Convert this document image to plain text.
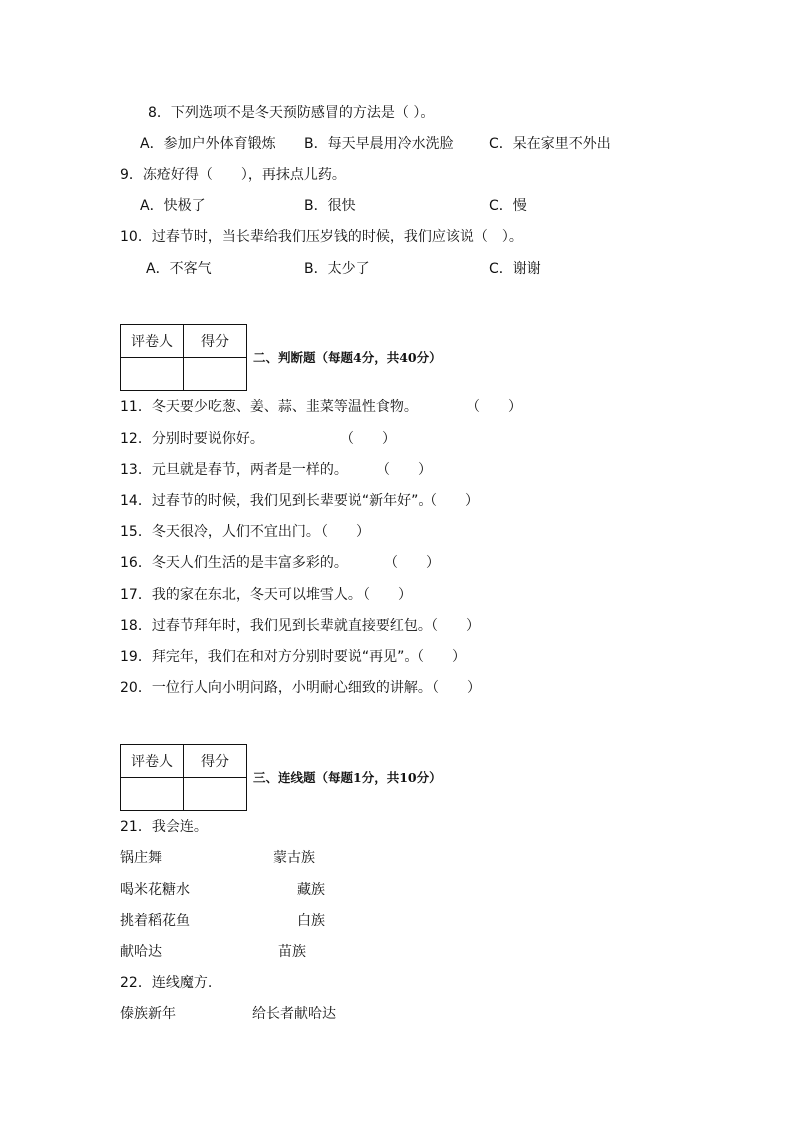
8．下列选项不是冬天预防感冒的方法是（ ）。
A．参加户外体育锻炼 B．每天早晨用冷水洗脸	C．呆在家里不外出
9．冻疮好得（　　），再抹点儿药。
A．快极了	B．很快	C．慢
10．过春节时，当长辈给我们压岁钱的时候，我们应该说（　）。
A．不客气	B．太少了	C．谢谢
评卷人	得分

二、判断题（每题4分，共40分）
11．冬天要少吃葱、姜、蒜、韭菜等温性食物。	（　　）
12．分别时要说你好。	（　　）
13．元旦就是春节，两者是一样的。 （　　）
14．过春节的时候，我们见到长辈要说“新年好”。
（　　）
15．冬天很冷，人们不宜出门。
（　　）
16．冬天人们生活的是丰富多彩的。	（　　）
17．我的家在东北，冬天可以堆雪人。
（　　）
18．过春节拜年时，我们见到长辈就直接要红包。
（　　）
19．拜完年，我们在和对方分别时要说“再见”。
（　　）
20．一位行人向小明问路，小明耐心细致的讲解。
（　　）
评卷人	得分

三、连线题（每题1分，共10分）
21．我会连。
锅庄舞	蒙古族
喝米花糖水	藏族
挑着稻花鱼	白族
献哈达	苗族
22．连线魔方.
傣族新年	给长者献哈达
